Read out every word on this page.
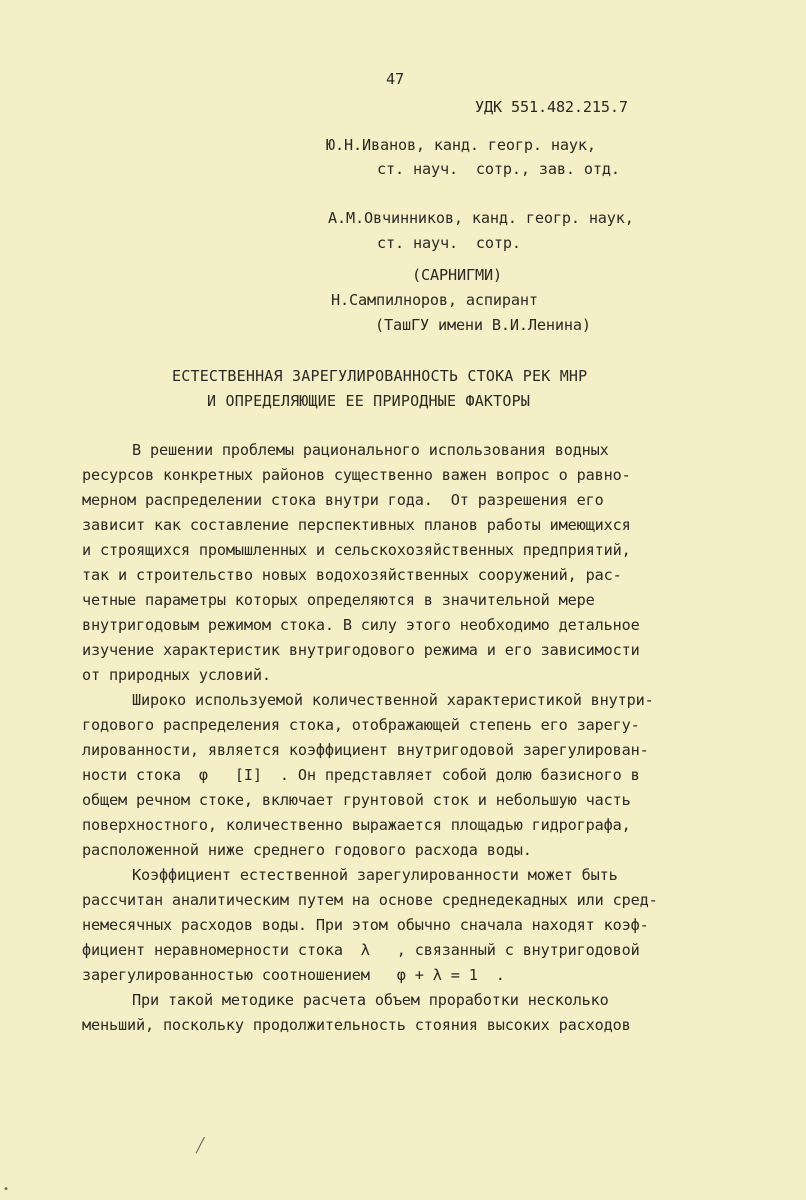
47
УДК 551.482.215.7
Ю.Н.Иванов, канд. геогр. наук,
ст. науч.  сотр., зав. отд.
А.М.Овчинников, канд. геогр. наук,
ст. науч.  сотр.
(САРНИГМИ)
Н.Сампилноров, аспирант
(ТашГУ имени В.И.Ленина)
ЕСТЕСТВЕННАЯ ЗАРЕГУЛИРОВАННОСТЬ СТОКА РЕК МНР
И ОПРЕДЕЛЯЮЩИЕ ЕЕ ПРИРОДНЫЕ ФАКТОРЫ
В решении проблемы рационального использования водных
ресурсов конкретных районов существенно важен вопрос о равно-
мерном распределении стока внутри года.  От разрешения его
зависит как составление перспективных планов работы имеющихся
и строящихся промышленных и сельскохозяйственных предприятий,
так и строительство новых водохозяйственных сооружений, рас-
четные параметры которых определяются в значительной мере
внутригодовым режимом стока. В силу этого необходимо детальное
изучение характеристик внутригодового режима и его зависимости
от природных условий.
Широко используемой количественной характеристикой внутри-
годового распределения стока, отображающей степень его зарегу-
лированности, является коэффициент внутригодовой зарегулирован-
ности стока  φ   [I]  . Он представляет собой долю базисного в
общем речном стоке, включает грунтовой сток и небольшую часть
поверхностного, количественно выражается площадью гидрографа,
расположенной ниже среднего годового расхода воды.
Коэффициент естественной зарегулированности может быть
рассчитан аналитическим путем на основе среднедекадных или сред-
немесячных расходов воды. При этом обычно сначала находят коэф-
фициент неравномерности стока  λ   , связанный с внутригодовой
зарегулированностью соотношением   φ + λ = 1  .
При такой методике расчета объем проработки несколько
меньший, поскольку продолжительность стояния высоких расходов
╱
•
